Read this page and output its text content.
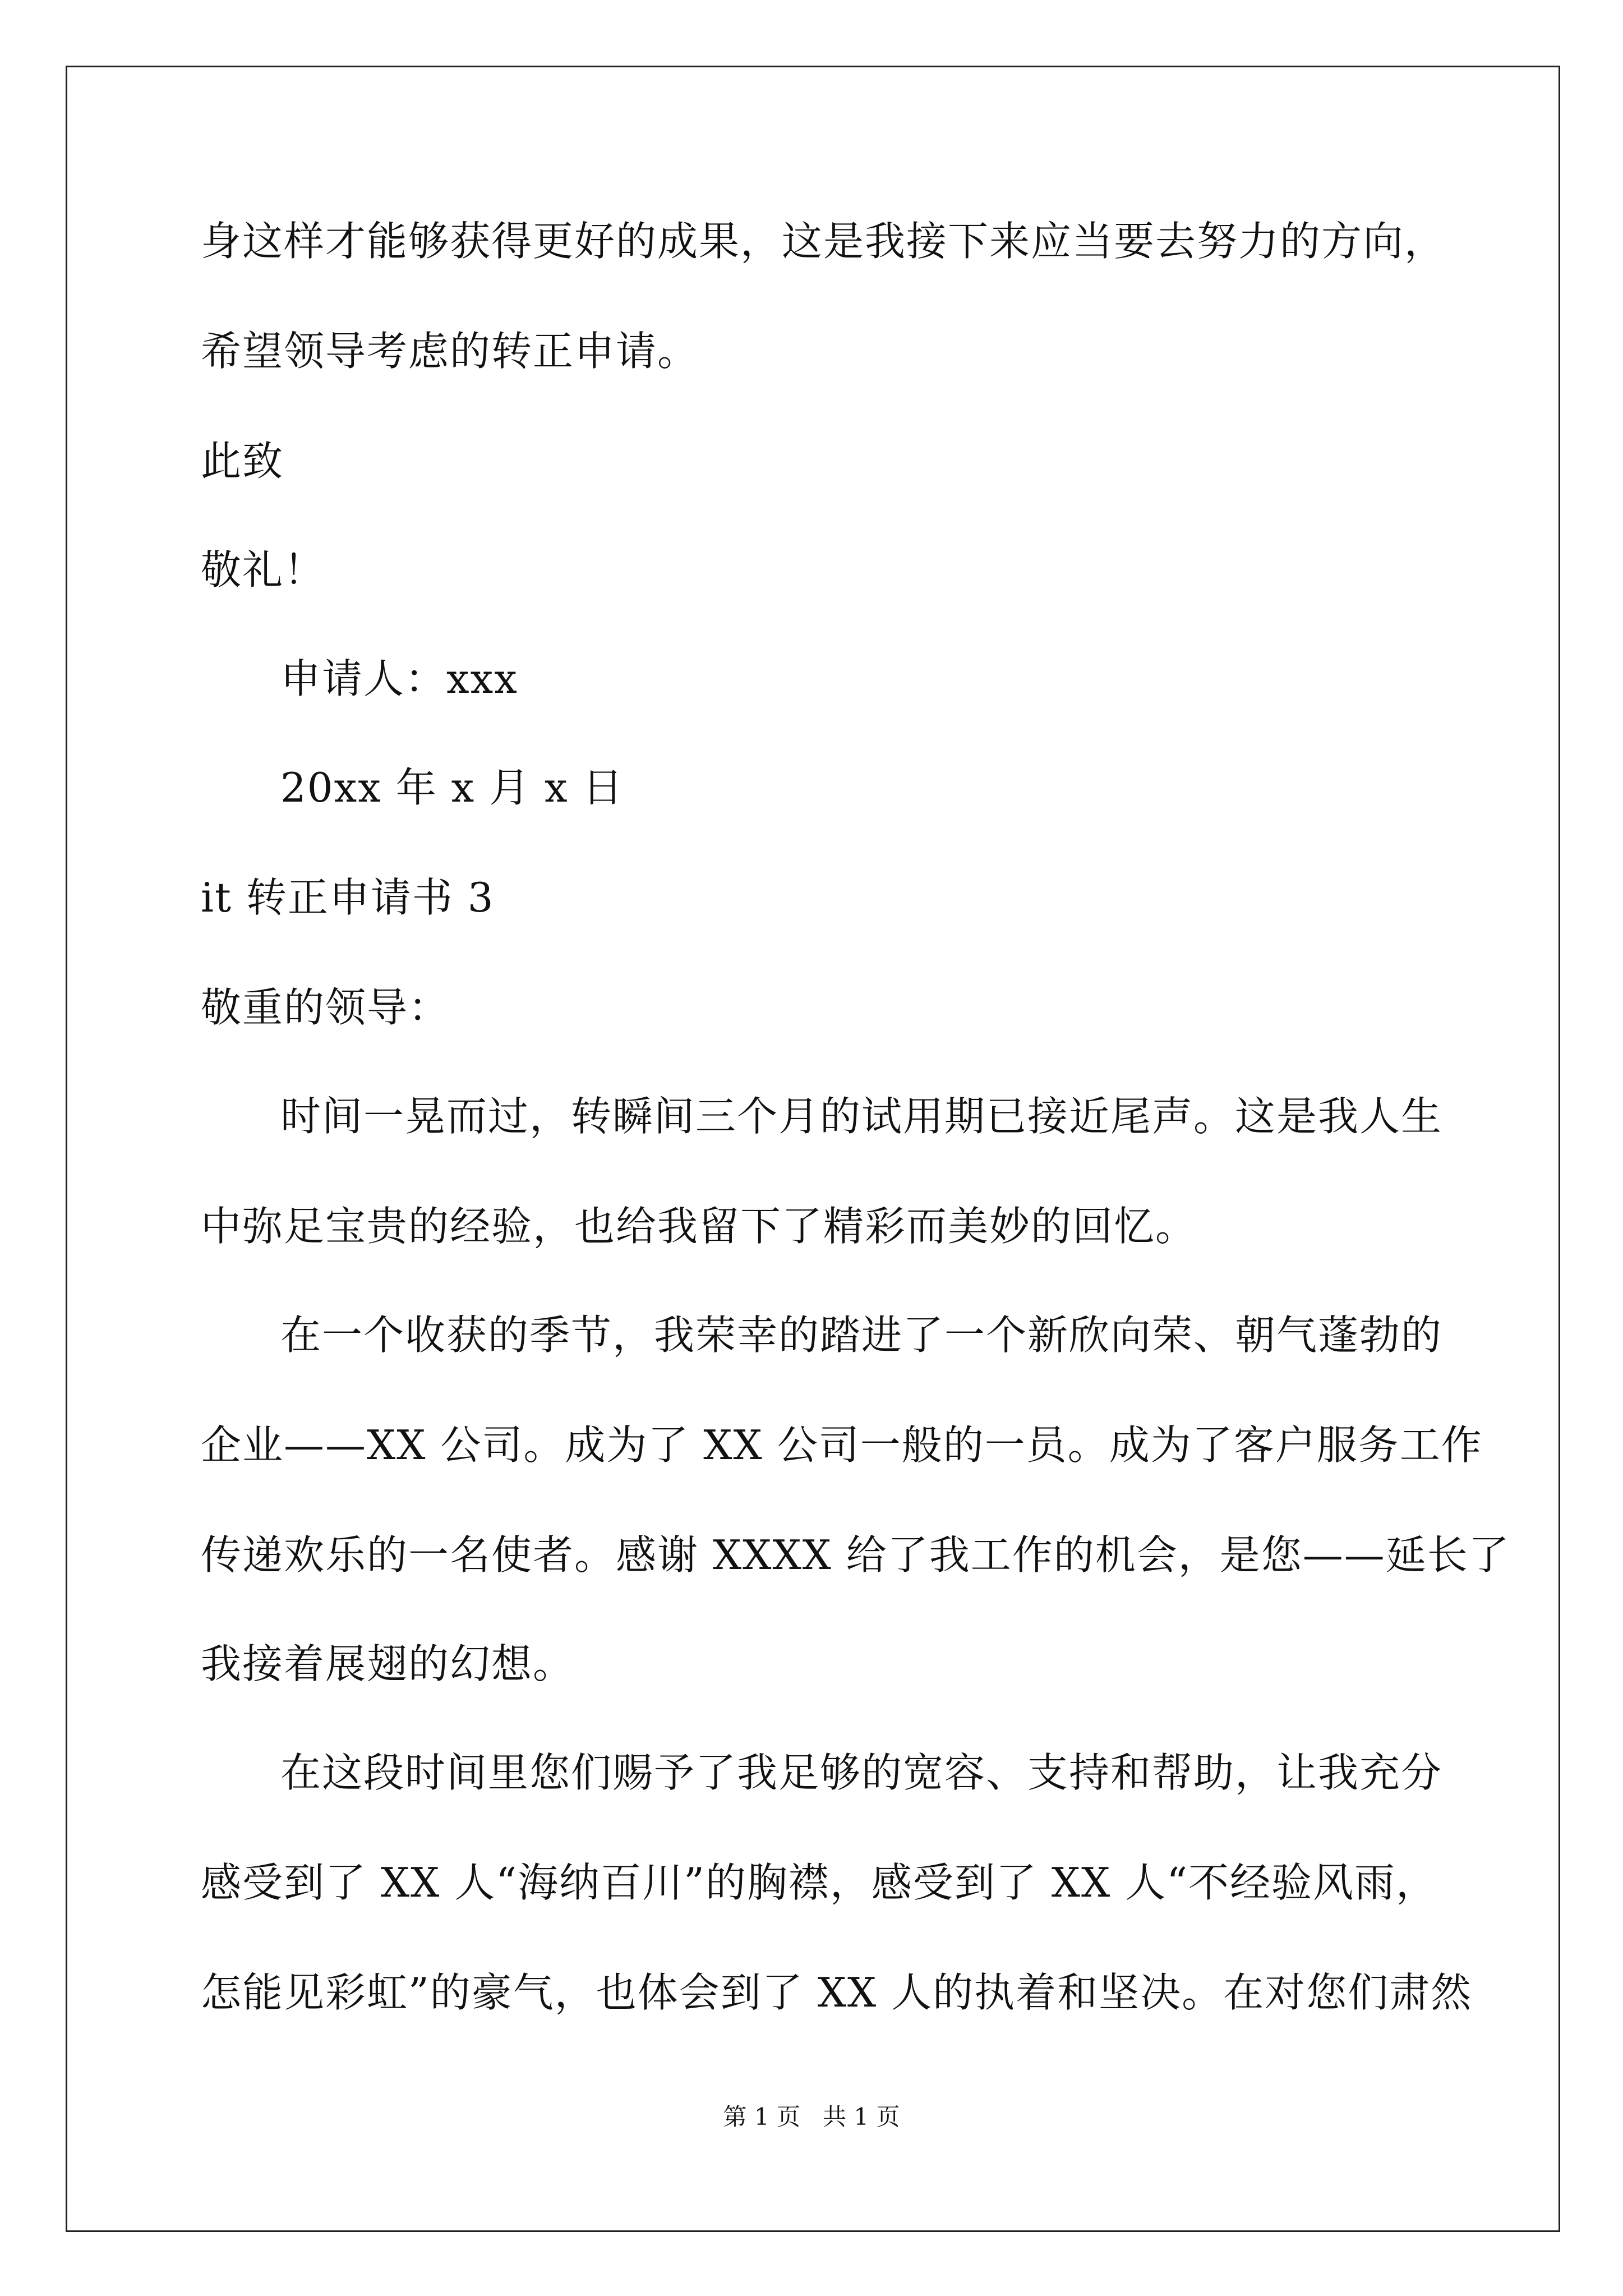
身这样才能够获得更好的成果，这是我接下来应当要去努力的方向，
希望领导考虑的转正申请。
此致
敬礼！
申请人：xxx
20xx 年 x 月 x 日
it 转正申请书 3
敬重的领导：
时间一晃而过，转瞬间三个月的试用期已接近尾声。这是我人生
中弥足宝贵的经验，也给我留下了精彩而美妙的回忆。
在一个收获的季节，我荣幸的踏进了一个新欣向荣、朝气蓬勃的
企业——XX 公司。成为了 XX 公司一般的一员。成为了客户服务工作
传递欢乐的一名使者。感谢 XXXX 给了我工作的机会，是您——延长了
我接着展翅的幻想。
在这段时间里您们赐予了我足够的宽容、支持和帮助，让我充分
感受到了 XX 人“海纳百川”的胸襟，感受到了 XX 人“不经验风雨，
怎能见彩虹”的豪气，也体会到了 XX 人的执着和坚决。在对您们肃然
第 1 页   共 1 页
